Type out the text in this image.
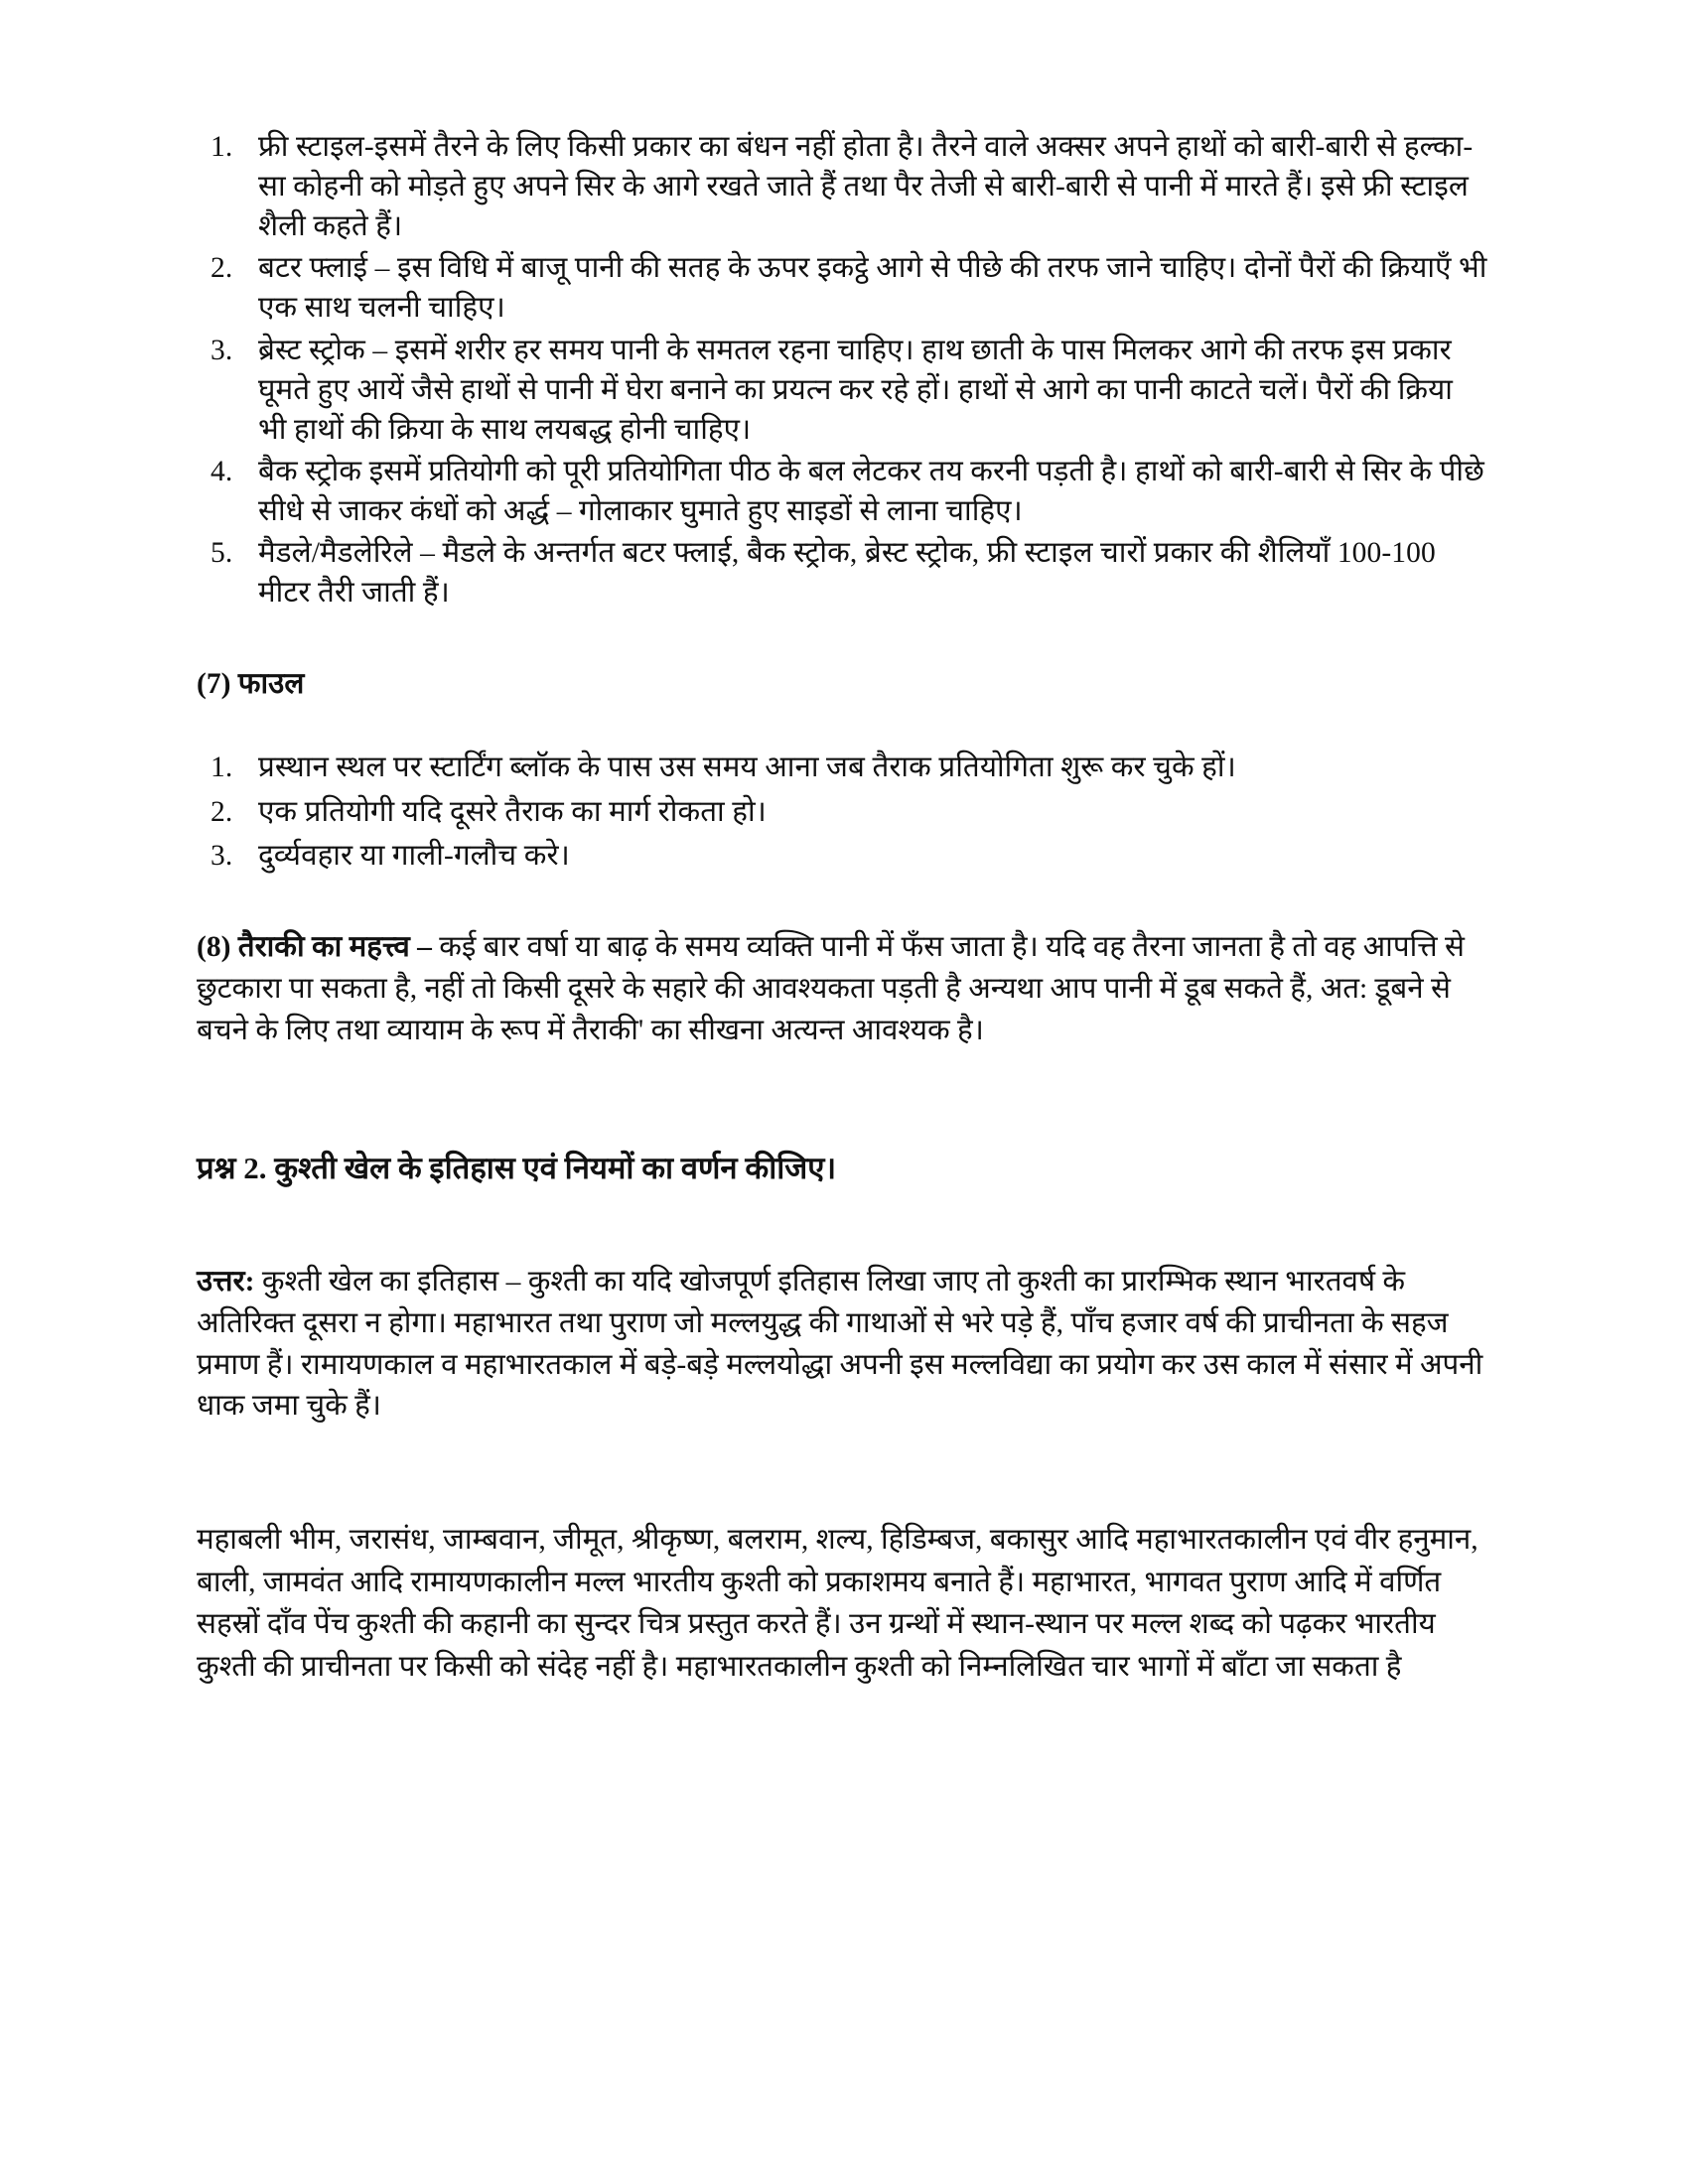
1. फ्री स्टाइल-इसमें तैरने के लिए किसी प्रकार का बंधन नहीं होता है। तैरने वाले अक्सर अपने हाथों को बारी-बारी से हल्का-सा कोहनी को मोड़ते हुए अपने सिर के आगे रखते जाते हैं तथा पैर तेजी से बारी-बारी से पानी में मारते हैं। इसे फ्री स्टाइल शैली कहते हैं।
2. बटर फ्लाई – इस विधि में बाजू पानी की सतह के ऊपर इकट्ठे आगे से पीछे की तरफ जाने चाहिए। दोनों पैरों की क्रियाएँ भी एक साथ चलनी चाहिए।
3. ब्रेस्ट स्ट्रोक – इसमें शरीर हर समय पानी के समतल रहना चाहिए। हाथ छाती के पास मिलकर आगे की तरफ इस प्रकार घूमते हुए आयें जैसे हाथों से पानी में घेरा बनाने का प्रयत्न कर रहे हों। हाथों से आगे का पानी काटते चलें। पैरों की क्रिया भी हाथों की क्रिया के साथ लयबद्ध होनी चाहिए।
4. बैक स्ट्रोक इसमें प्रतियोगी को पूरी प्रतियोगिता पीठ के बल लेटकर तय करनी पड़ती है। हाथों को बारी-बारी से सिर के पीछे सीधे से जाकर कंधों को अर्द्ध – गोलाकार घुमाते हुए साइडों से लाना चाहिए।
5. मैडले/मैडलेरिले – मैडले के अन्तर्गत बटर फ्लाई, बैक स्ट्रोक, ब्रेस्ट स्ट्रोक, फ्री स्टाइल चारों प्रकार की शैलियाँ 100-100 मीटर तैरी जाती हैं।
(7) फाउल
1. प्रस्थान स्थल पर स्टार्टिंग ब्लॉक के पास उस समय आना जब तैराक प्रतियोगिता शुरू कर चुके हों।
2. एक प्रतियोगी यदि दूसरे तैराक का मार्ग रोकता हो।
3. दुर्व्यवहार या गाली-गलौच करे।

(8) तैराकी का महत्त्व – कई बार वर्षा या बाढ़ के समय व्यक्ति पानी में फँस जाता है। यदि वह तैरना जानता है तो वह आपत्ति से छुटकारा पा सकता है, नहीं तो किसी दूसरे के सहारे की आवश्यकता पड़ती है अन्यथा आप पानी में डूब सकते हैं, अत: डूबने से बचने के लिए तथा व्यायाम के रूप में तैराकी' का सीखना अत्यन्त आवश्यक है।

प्रश्न 2. कुश्ती खेल के इतिहास एवं नियमों का वर्णन कीजिए।

उत्तर: कुश्ती खेल का इतिहास – कुश्ती का यदि खोजपूर्ण इतिहास लिखा जाए तो कुश्ती का प्रारम्भिक स्थान भारतवर्ष के अतिरिक्त दूसरा न होगा। महाभारत तथा पुराण जो मल्लयुद्ध की गाथाओं से भरे पड़े हैं, पाँच हजार वर्ष की प्राचीनता के सहज प्रमाण हैं। रामायणकाल व महाभारतकाल में बड़े-बड़े मल्लयोद्धा अपनी इस मल्लविद्या का प्रयोग कर उस काल में संसार में अपनी धाक जमा चुके हैं।

महाबली भीम, जरासंध, जाम्बवान, जीमूत, श्रीकृष्ण, बलराम, शल्य, हिडिम्बज, बकासुर आदि महाभारतकालीन एवं वीर हनुमान, बाली, जामवंत आदि रामायणकालीन मल्ल भारतीय कुश्ती को प्रकाशमय बनाते हैं। महाभारत, भागवत पुराण आदि में वर्णित सहस्रों दाँव पेंच कुश्ती की कहानी का सुन्दर चित्र प्रस्तुत करते हैं। उन ग्रन्थों में स्थान-स्थान पर मल्ल शब्द को पढ़कर भारतीय कुश्ती की प्राचीनता पर किसी को संदेह नहीं है। महाभारतकालीन कुश्ती को निम्नलिखित चार भागों में बाँटा जा सकता है
